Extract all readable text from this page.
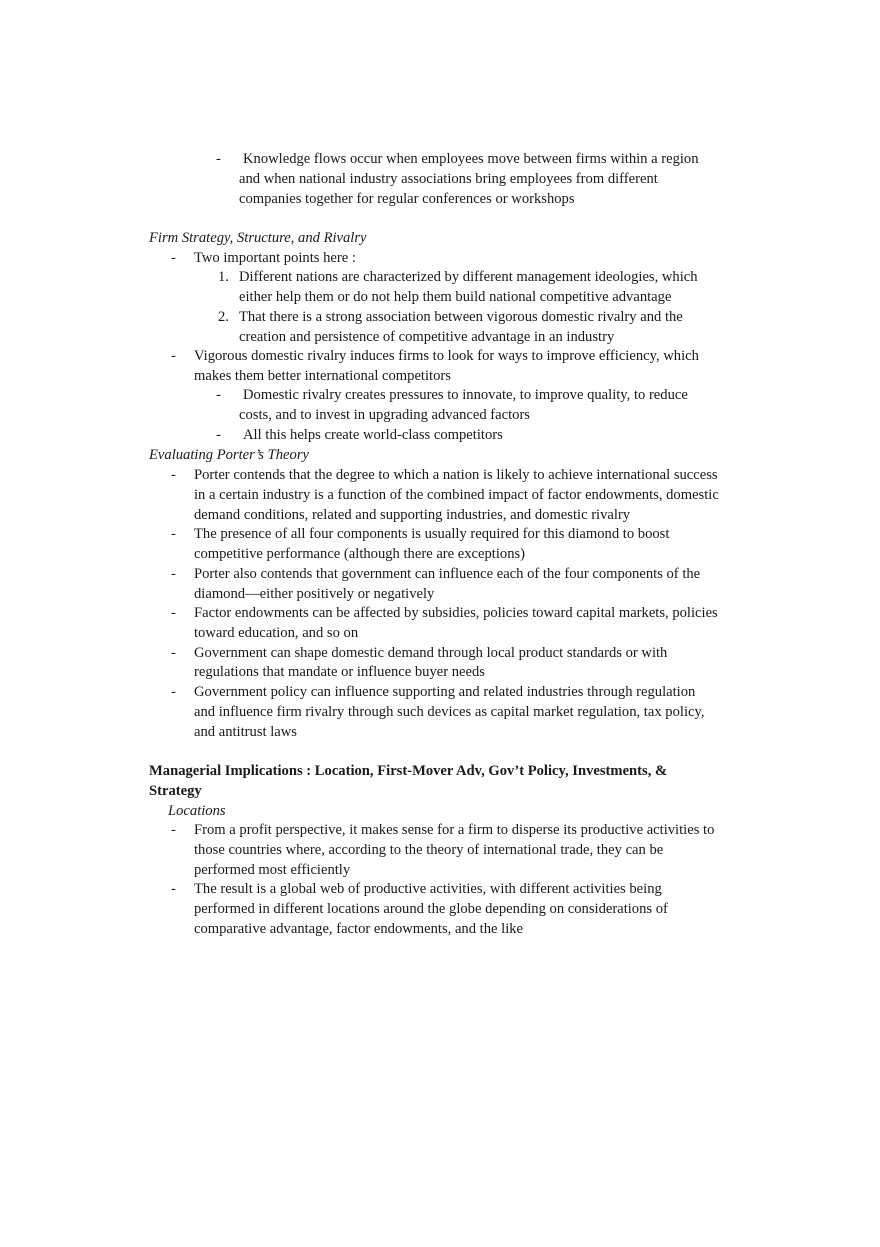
- Knowledge flows occur when employees move between firms within a region
and when national industry associations bring employees from different
companies together for regular conferences or workshops
Firm Strategy, Structure, and Rivalry
- Two important points here :
1. Different nations are characterized by different management ideologies, which
either help them or do not help them build national competitive advantage
2. That there is a strong association between vigorous domestic rivalry and the
creation and persistence of competitive advantage in an industry
- Vigorous domestic rivalry induces firms to look for ways to improve efficiency, which
makes them better international competitors
- Domestic rivalry creates pressures to innovate, to improve quality, to reduce
costs, and to invest in upgrading advanced factors
- All this helps create world-class competitors
Evaluating Porter’s Theory
- Porter contends that the degree to which a nation is likely to achieve international success
in a certain industry is a function of the combined impact of factor endowments, domestic
demand conditions, related and supporting industries, and domestic rivalry
- The presence of all four components is usually required for this diamond to boost
competitive performance (although there are exceptions)
- Porter also contends that government can influence each of the four components of the
diamond—either positively or negatively
- Factor endowments can be affected by subsidies, policies toward capital markets, policies
toward education, and so on
- Government can shape domestic demand through local product standards or with
regulations that mandate or influence buyer needs
- Government policy can influence supporting and related industries through regulation
and influence firm rivalry through such devices as capital market regulation, tax policy,
and antitrust laws
Managerial Implications : Location, First-Mover Adv, Gov’t Policy, Investments, &
Strategy
Locations
- From a profit perspective, it makes sense for a firm to disperse its productive activities to
those countries where, according to the theory of international trade, they can be
performed most efficiently
- The result is a global web of productive activities, with different activities being
performed in different locations around the globe depending on considerations of
comparative advantage, factor endowments, and the like
